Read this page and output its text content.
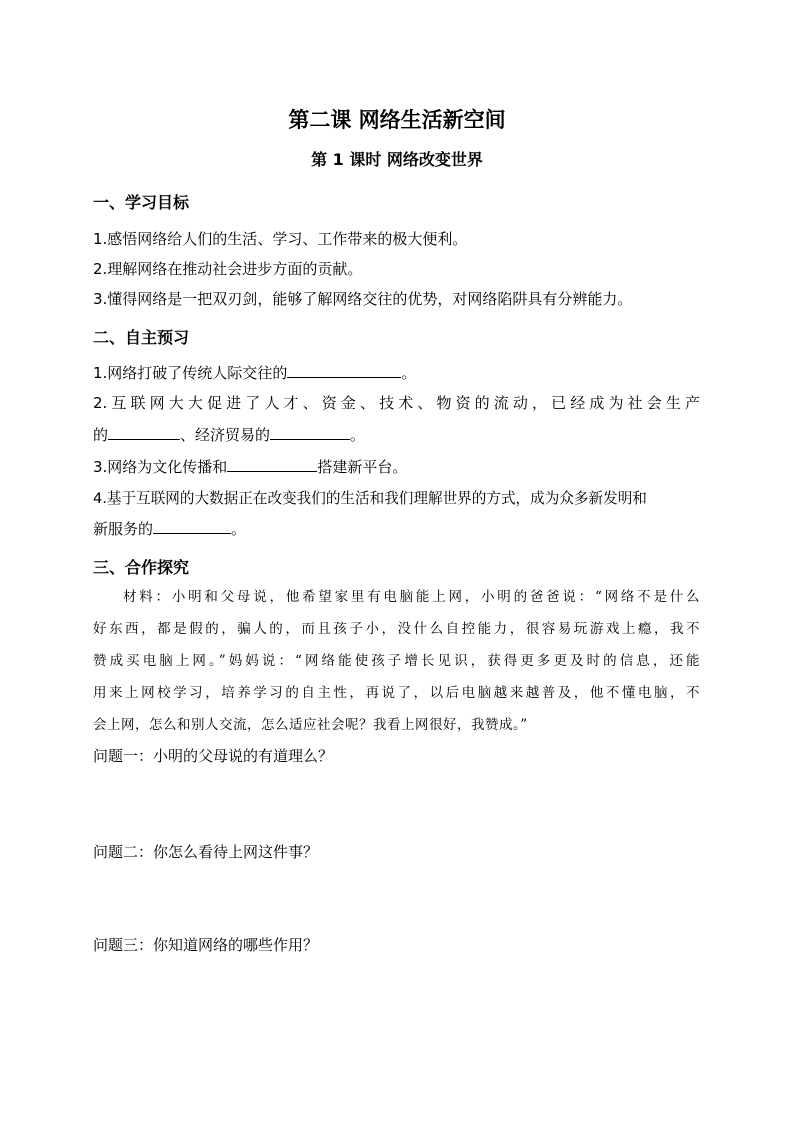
第二课 网络生活新空间
第 1 课时 网络改变世界
一、学习目标
1.感悟网络给人们的生活、学习、工作带来的极大便利。
2.理解网络在推动社会进步方面的贡献。
3.懂得网络是一把双刃剑，能够了解网络交往的优势，对网络陷阱具有分辨能力。
二、自主预习
1.网络打破了传统人际交往的	。
2.互联网大大促进了人才、资金、技术、物资的流动，已经成为社会生产
的	、经济贸易的	。
3.网络为文化传播和	搭建新平台。
4.基于互联网的大数据正在改变我们的生活和我们理解世界的方式，成为众多新发明和
新服务的	。
三、合作探究
材料：小明和父母说，他希望家里有电脑能上网，小明的爸爸说：“网络不是什么
好东西，都是假的，骗人的，而且孩子小，没什么自控能力，很容易玩游戏上瘾，我不
赞成买电脑上网。”妈妈说：“网络能使孩子增长见识，获得更多更及时的信息，还能
用来上网校学习，培养学习的自主性，再说了，以后电脑越来越普及，他不懂电脑，不
会上网，怎么和别人交流，怎么适应社会呢？我看上网很好，我赞成。”
问题一：小明的父母说的有道理么？
问题二：你怎么看待上网这件事？
问题三：你知道网络的哪些作用？
